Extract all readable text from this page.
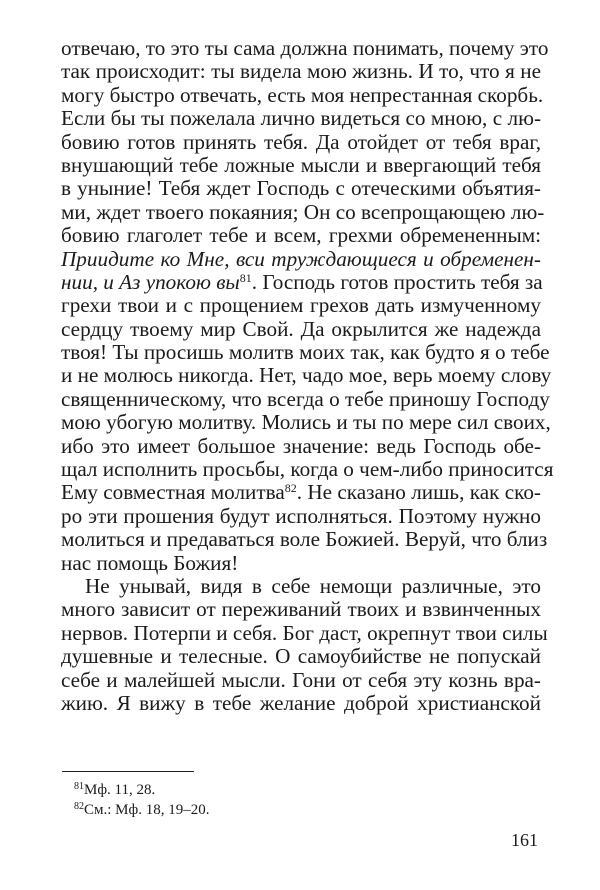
отвечаю, то это ты сама должна понимать, почему это
так происходит: ты видела мою жизнь. И то, что я не
могу быстро отвечать, есть моя непрестанная скорбь.
Если бы ты пожелала лично видеться со мною, с лю-
бовию готов принять тебя. Да отойдет от тебя враг,
внушающий тебе ложные мысли и ввергающий тебя
в уныние! Тебя ждет Господь с отеческими объятия-
ми, ждет твоего покаяния; Он со всепрощающею лю-
бовию глаголет тебе и всем, грехми обремененным:
Приидите ко Мне, вси труждающиеся и обременен-
нии, и Аз упокою $вы^{81}$. Господь готов простить тебя за
грехи твои и с прощением грехов дать измученному
сердцу твоему мир Свой. Да окрылится же надежда
твоя! Ты просишь молитв моих так, как будто я о тебе
и не молюсь никогда. Нет, чадо мое, верь моему слову
священническому, что всегда о тебе приношу Господу
мою убогую молитву. Молись и ты по мере сил своих,
ибо это имеет большое значение: ведь Господь обе-
щал исполнить просьбы, когда о чем-либо приносится
Ему совместная молитва$^{82}$. Не сказано лишь, как ско-
ро эти прошения будут исполняться. Поэтому нужно
молиться и предаваться воле Божией. Веруй, что близ
нас помощь Божия!
Не унывай, видя в себе немощи различные, это
много зависит от переживаний твоих и взвинченных
нервов. Потерпи и себя. Бог даст, окрепнут твои силы
душевные и телесные. О самоубийстве не попускай
себе и малейшей мысли. Гони от себя эту кознь вра-
жию. Я вижу в тебе желание доброй христианской
$^{81}$Мф. 11, 28.
$^{82}$См.: Мф. 18, 19–20.
161
